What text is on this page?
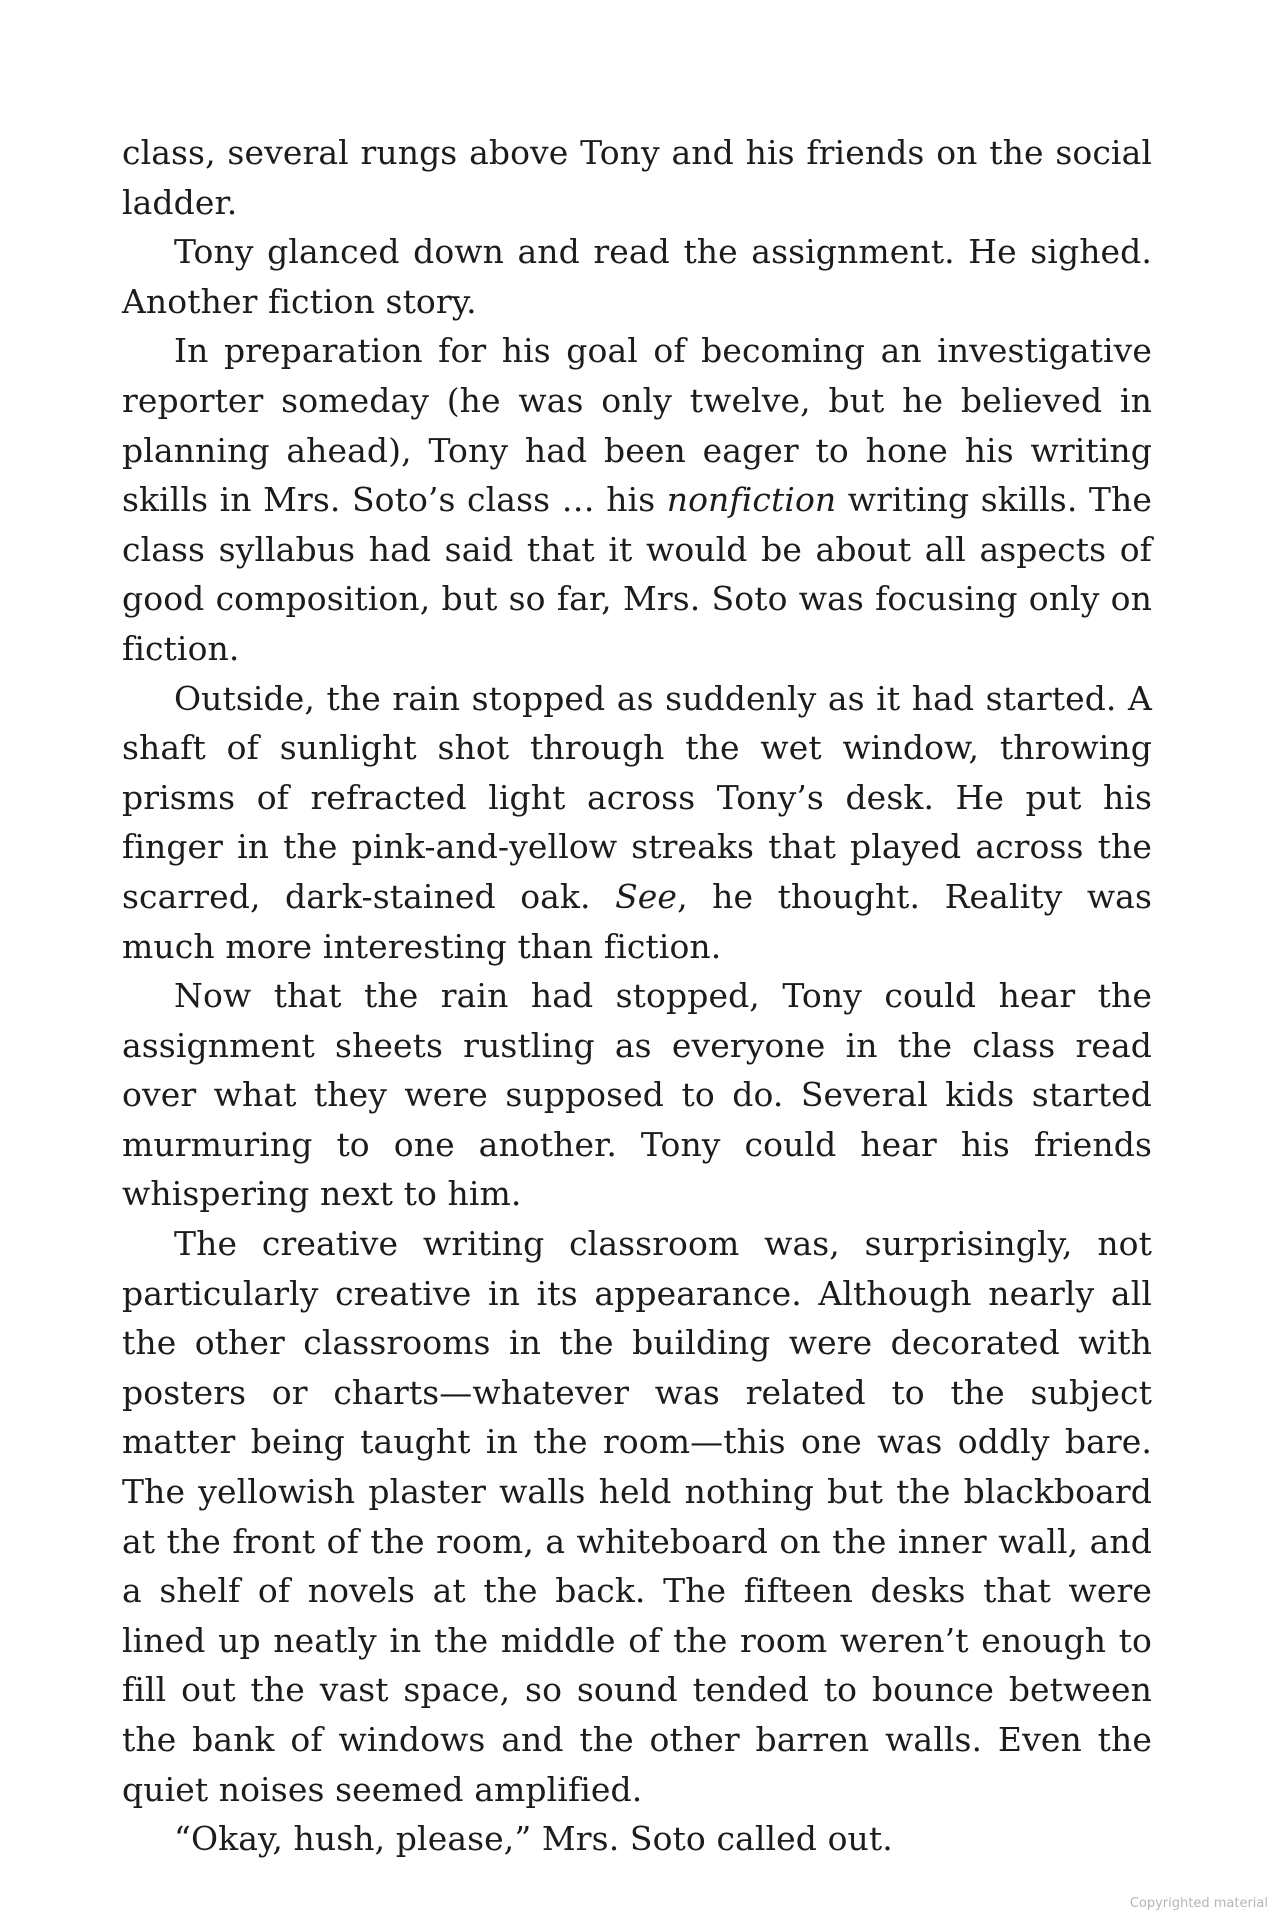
class, several rungs above Tony and his friends on the social ladder.

Tony glanced down and read the assignment. He sighed. Another fiction story.

In preparation for his goal of becoming an investigative reporter someday (he was only twelve, but he believed in planning ahead), Tony had been eager to hone his writing skills in Mrs. Soto’s class … his nonfiction writing skills. The class syllabus had said that it would be about all aspects of good composition, but so far, Mrs. Soto was focusing only on fiction.

Outside, the rain stopped as suddenly as it had started. A shaft of sunlight shot through the wet window, throwing prisms of refracted light across Tony’s desk. He put his finger in the pink-and-yellow streaks that played across the scarred, dark-stained oak. See, he thought. Reality was much more interesting than fiction.

Now that the rain had stopped, Tony could hear the assignment sheets rustling as everyone in the class read over what they were supposed to do. Several kids started murmuring to one another. Tony could hear his friends whispering next to him.

The creative writing classroom was, surprisingly, not particularly creative in its appearance. Although nearly all the other classrooms in the building were decorated with posters or charts—whatever was related to the subject matter being taught in the room—this one was oddly bare. The yellowish plaster walls held nothing but the blackboard at the front of the room, a whiteboard on the inner wall, and a shelf of novels at the back. The fifteen desks that were lined up neatly in the middle of the room weren’t enough to fill out the vast space, so sound tended to bounce between the bank of windows and the other barren walls. Even the quiet noises seemed amplified.

“Okay, hush, please,” Mrs. Soto called out.

Copyrighted material
